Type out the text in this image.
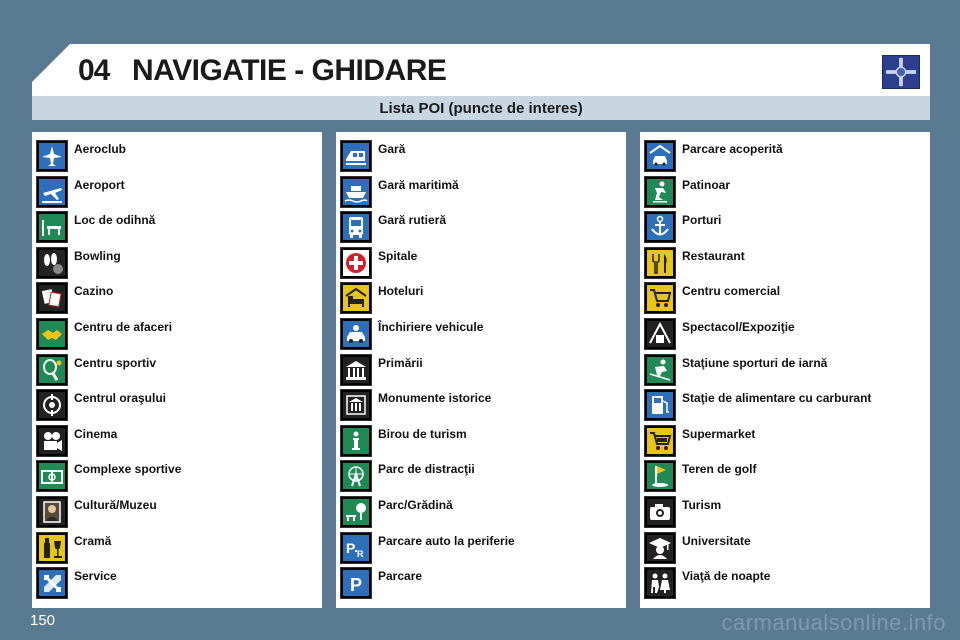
04 NAVIGATIE - GHIDARE
Lista POI (puncte de interes)
Aeroclub
Aeroport
Loc de odihnă
Bowling
Cazino
Centru de afaceri
Centru sportiv
Centrul oraşului
Cinema
Complexe sportive
Cultură/Muzeu
Cramă
Service
Gară
Gară maritimă
Gară rutieră
Spitale
Hoteluri
Închiriere vehicule
Primării
Monumente istorice
Birou de turism
Parc de distracţii
Parc/Grădină
P R
Parcare auto la periferie
P Parcare
Parcare acoperită
Patinoar
Porturi
Restaurant
Centru comercial
Spectacol/Expoziţie
Staţiune sporturi de iarnă
Staţie de alimentare cu carburant
Supermarket
Teren de golf
Turism
Universitate
Viaţă de noapte
150	carmanualsonline.info
